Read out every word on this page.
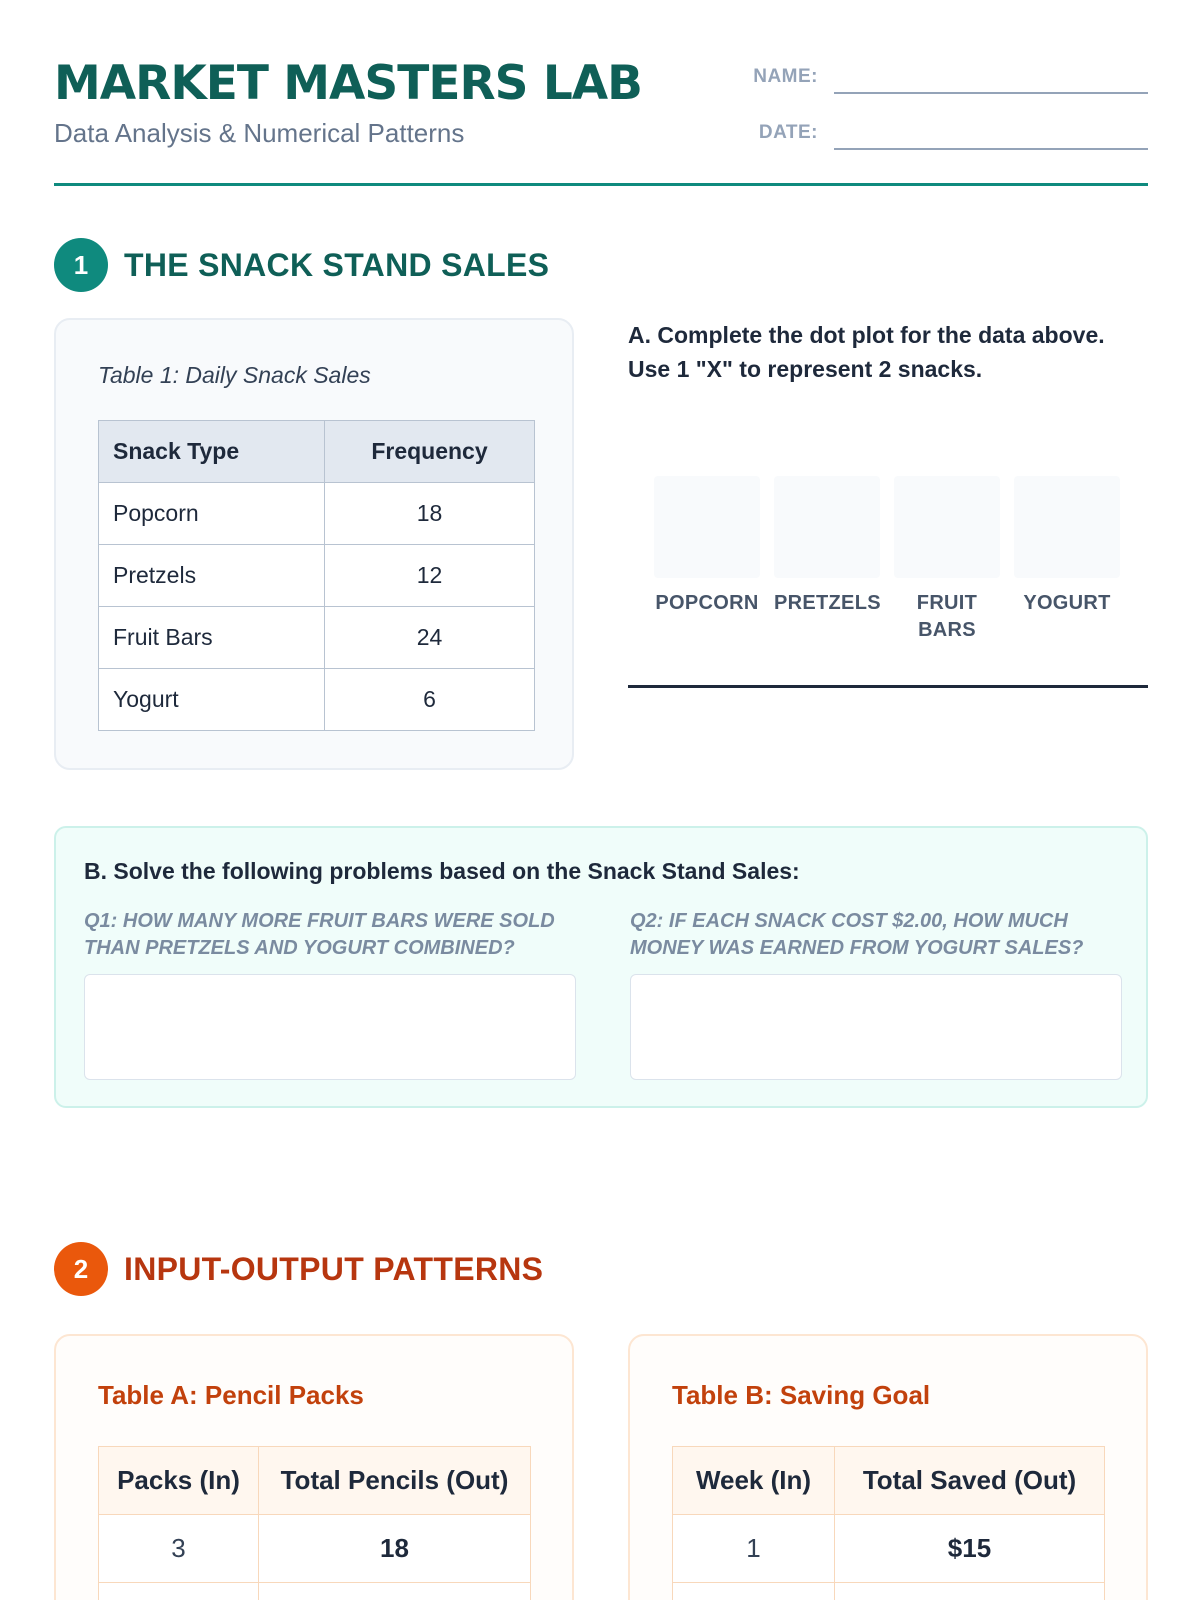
MARKET MASTERS LAB
Data Analysis & Numerical Patterns
NAME:
DATE:
1	THE SNACK STAND SALES
Table 1: Daily Snack Sales
Snack Type	Frequency
Popcorn	18
Pretzels	12
Fruit Bars	24
Yogurt	6
A. Complete the dot plot for the data above. Use 1 "X" to represent 2 snacks.
POPCORN PRETZELS	FRUIT BARS
YOGURT
B. Solve the following problems based on the Snack Stand Sales:
Q1: HOW MANY MORE FRUIT BARS WERE SOLD THAN PRETZELS AND YOGURT COMBINED?
Q2: IF EACH SNACK COST $2.00, HOW MUCH MONEY WAS EARNED FROM YOGURT SALES?
2	INPUT-OUTPUT PATTERNS
Table A: Pencil Packs
Packs (In)	Total Pencils (Out)
3	18

Table B: Saving Goal
Week (In)	Total Saved (Out)
1	$15
